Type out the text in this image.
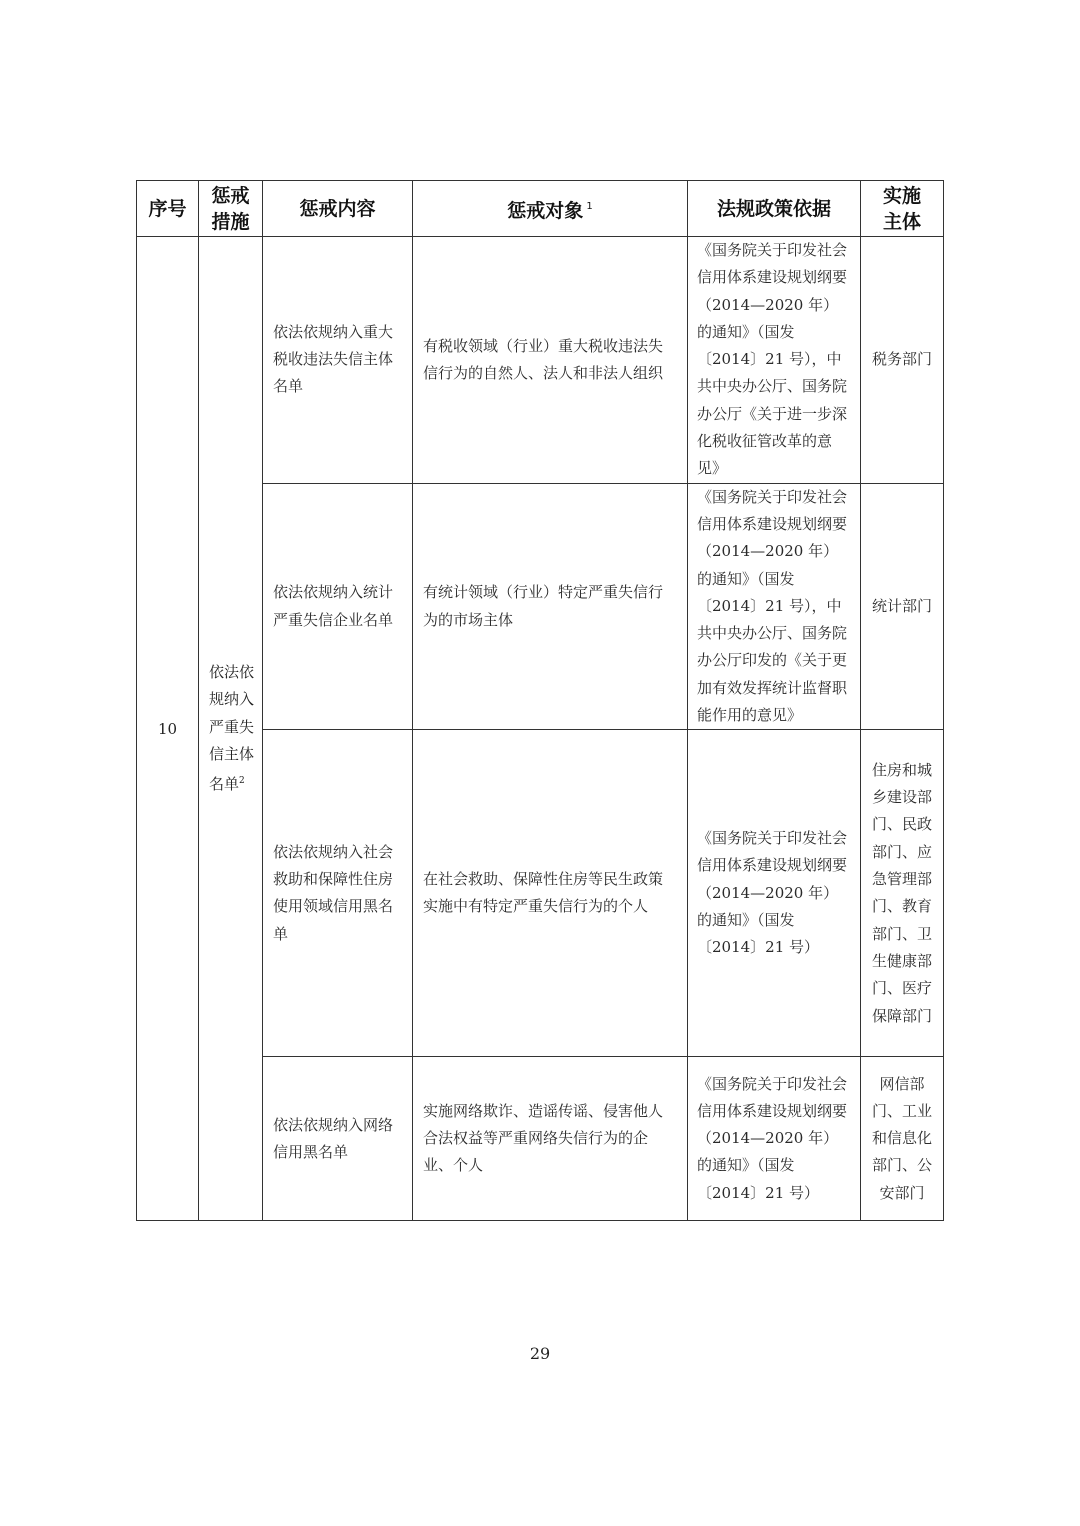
序号	惩戒措施	惩戒内容	惩戒对象 $^1$	法规政策依据	实施主体
10	依法依规纳入严重失信主体名单$^2$	依法依规纳入重大税收违法失信主体名单	有税收领域（行业）重大税收违法失信行为的自然人、法人和非法人组织	《国务院关于印发社会信用体系建设规划纲要（2014—2020 年）的通知》（国发〔2014〕21 号），中共中央办公厅、国务院办公厅《关于进一步深化税收征管改革的意见》	税务部门
		依法依规纳入统计严重失信企业名单	有统计领域（行业）特定严重失信行为的市场主体	《国务院关于印发社会信用体系建设规划纲要（2014—2020 年）的通知》（国发〔2014〕21 号），中共中央办公厅、国务院办公厅印发的《关于更加有效发挥统计监督职能作用的意见》	统计部门
		依法依规纳入社会救助和保障性住房使用领域信用黑名单	在社会救助、保障性住房等民生政策实施中有特定严重失信行为的个人	《国务院关于印发社会信用体系建设规划纲要（2014—2020 年）的通知》（国发〔2014〕21 号）	住房和城乡建设部门、民政部门、应急管理部门、教育部门、卫生健康部门、医疗保障部门
		依法依规纳入网络信用黑名单	实施网络欺诈、造谣传谣、侵害他人合法权益等严重网络失信行为的企业、个人	《国务院关于印发社会信用体系建设规划纲要（2014—2020 年）的通知》（国发〔2014〕21 号）	网信部门、工业和信息化部门、公安部门
29
